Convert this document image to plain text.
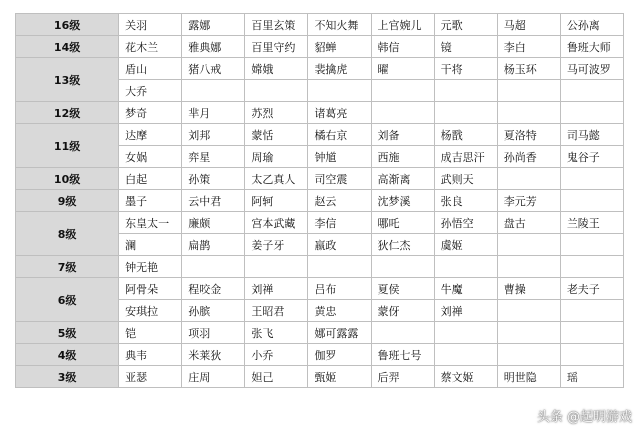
16级	关羽	露娜	百里玄策	不知火舞	上官婉儿	元歌	马超	公孙离
14级	花木兰	雅典娜	百里守约	貂蝉	韩信	镜	李白	鲁班大师
13级	盾山	猪八戒	嫦娥	裴擒虎	曜	干将	杨玉环	马可波罗
	大乔							
12级	梦奇	芈月	苏烈	诸葛亮				
11级	达摩	刘邦	蒙恬	橘右京	刘备	杨戬	夏洛特	司马懿
	女娲	弈星	周瑜	钟馗	西施	成吉思汗	孙尚香	鬼谷子
10级	白起	孙策	太乙真人	司空震	高渐离	武则天		
9级	墨子	云中君	阿轲	赵云	沈梦溪	张良	李元芳	
8级	东皇太一	廉颇	宫本武藏	李信	哪吒	孙悟空	盘古	兰陵王
	澜	扁鹊	姜子牙	嬴政	狄仁杰	虞姬		
7级	钟无艳							
6级	阿骨朵	程咬金	刘禅	吕布	夏侯	牛魔	曹操	老夫子
	安琪拉	孙膑	王昭君	黄忠	蒙伢	刘禅		
5级	铠	项羽	张飞	娜可露露				
4级	典韦	米莱狄	小乔	伽罗	鲁班七号			
3级	亚瑟	庄周	妲己	甄姬	后羿	蔡文姬	明世隐	瑶
头条 @起明游戏
